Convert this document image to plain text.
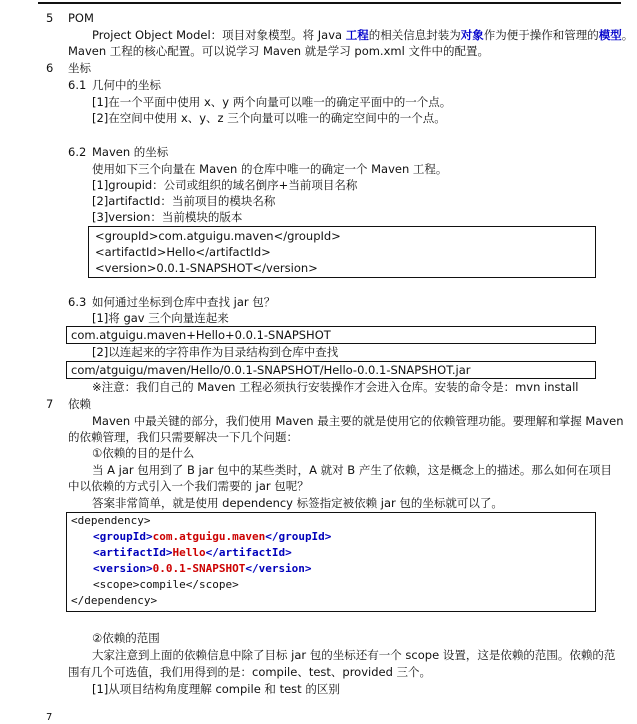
5 POM
Project Object Model：项目对象模型。将 Java 工程的相关信息封装为对象作为便于操作和管理的模型。
Maven 工程的核心配置。可以说学习 Maven 就是学习 pom.xml 文件中的配置。
6 坐标
6.1 几何中的坐标
[1]在一个平面中使用 x、y 两个向量可以唯一的确定平面中的一个点。
[2]在空间中使用 x、y、z 三个向量可以唯一的确定空间中的一个点。
6.2 Maven 的坐标
使用如下三个向量在 Maven 的仓库中唯一的确定一个 Maven 工程。
[1]groupid：公司或组织的域名倒序+当前项目名称
[2]artifactId：当前项目的模块名称
[3]version：当前模块的版本
<groupId>com.atguigu.maven</groupId>
<artifactId>Hello</artifactId>
<version>0.0.1-SNAPSHOT</version>
6.3 如何通过坐标到仓库中查找 jar 包？
[1]将 gav 三个向量连起来
com.atguigu.maven+Hello+0.0.1-SNAPSHOT
[2]以连起来的字符串作为目录结构到仓库中查找
com/atguigu/maven/Hello/0.0.1-SNAPSHOT/Hello-0.0.1-SNAPSHOT.jar
※注意：我们自己的 Maven 工程必须执行安装操作才会进入仓库。安装的命令是：mvn install
7 依赖
Maven 中最关键的部分，我们使用 Maven 最主要的就是使用它的依赖管理功能。要理解和掌握 Maven
的依赖管理，我们只需要解决一下几个问题：
①依赖的目的是什么
当 A jar 包用到了 B jar 包中的某些类时，A 就对 B 产生了依赖，这是概念上的描述。那么如何在项目
中以依赖的方式引入一个我们需要的 jar 包呢？
答案非常简单，就是使用 dependency 标签指定被依赖 jar 包的坐标就可以了。
<dependency>
<groupId>com.atguigu.maven</groupId>
<artifactId>Hello</artifactId>
<version>0.0.1-SNAPSHOT</version>
<scope>compile</scope>
</dependency>
②依赖的范围
大家注意到上面的依赖信息中除了目标 jar 包的坐标还有一个 scope 设置，这是依赖的范围。依赖的范
围有几个可选值，我们用得到的是：compile、test、provided 三个。
[1]从项目结构角度理解 compile 和 test 的区别
7
